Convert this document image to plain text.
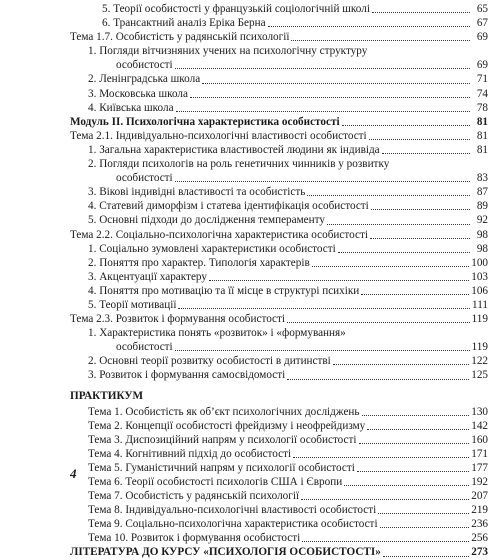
5. Теорії особистості у французькій соціологічній школі	65
6. Трансактний аналіз Еріка Берна	67
Тема 1.7. Особистість у радянській психології	69
1. Погляди вітчизняних учених на психологічну структуру
особистості	69
2. Ленінградська школа	71
3. Московська школа	74
4. Київська школа	78
Модуль ІІ. Психологічна характеристика особистості	81
Тема 2.1. Індивідуально-психологічні властивості особистості	81
1. Загальна характеристика властивостей людини як індивіда	81
2. Погляди психологів на роль генетичних чинників у розвитку
особистості	83
3. Вікові індивідні властивості та особистість	87
4. Статевий диморфізм і статева ідентифікація особистості	89
5. Основні підходи до дослідження темпераменту	92
Тема 2.2. Соціально-психологічна характеристика особистості	98
1. Соціально зумовлені характеристики особистості	98
2. Поняття про характер. Типологія характерів	100
3. Акцентуації характеру	103
4. Поняття про мотивацію та її місце в структурі психіки	106
5. Теорії мотивації	111
Тема 2.3. Розвиток і формування особистості	119
1. Характеристика понять «розвиток» і «формування»
особистості	119
2. Основні теорії розвитку особистості в дитинстві	122
3. Розвиток і формування самосвідомості	125
ПРАКТИКУМ
Тема 1. Особистість як об’єкт психологічних досліджень	130
Тема 2. Концепції особистості фрейдизму і неофрейдизму	142
Тема 3. Диспозиційний напрям у психології особистості	160
Тема 4. Когнітивний підхід до особистості	171
Тема 5. Гуманістичний напрям у психології особистості	177
Тема 6. Теорії особистості психологів США і Європи	192
Тема 7. Особистість у радянській психології	207
Тема 8. Індивідуально-психологічні властивості особистості	219
Тема 9. Соціально-психологічна характеристика особистості	236
Тема 10. Розвиток і формування особистості	256
ЛІТЕРАТУРА ДО КУРСУ «ПСИХОЛОГІЯ ОСОБИСТОСТІ»	273
4
